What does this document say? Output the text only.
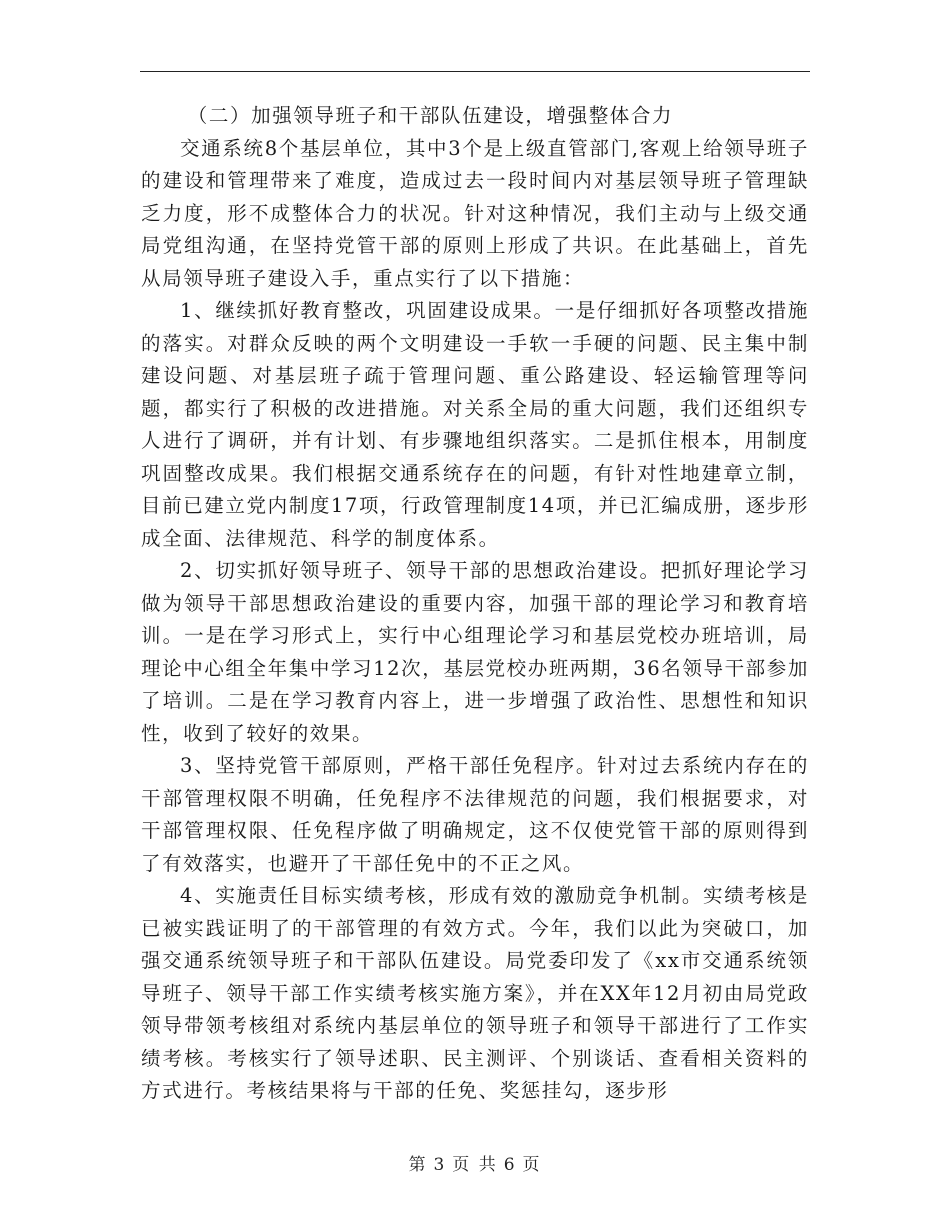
（二）加强领导班子和干部队伍建设，增强整体合力

交通系统8个基层单位，其中3个是上级直管部门,客观上给领导班子的建设和管理带来了难度，造成过去一段时间内对基层领导班子管理缺乏力度，形不成整体合力的状况。针对这种情况，我们主动与上级交通局党组沟通，在坚持党管干部的原则上形成了共识。在此基础上，首先从局领导班子建设入手，重点实行了以下措施：

1、继续抓好教育整改，巩固建设成果。一是仔细抓好各项整改措施的落实。对群众反映的两个文明建设一手软一手硬的问题、民主集中制建设问题、对基层班子疏于管理问题、重公路建设、轻运输管理等问题，都实行了积极的改进措施。对关系全局的重大问题，我们还组织专人进行了调研，并有计划、有步骤地组织落实。二是抓住根本，用制度巩固整改成果。我们根据交通系统存在的问题，有针对性地建章立制，目前已建立党内制度17项，行政管理制度14项，并已汇编成册，逐步形成全面、法律规范、科学的制度体系。

2、切实抓好领导班子、领导干部的思想政治建设。把抓好理论学习做为领导干部思想政治建设的重要内容，加强干部的理论学习和教育培训。一是在学习形式上，实行中心组理论学习和基层党校办班培训，局理论中心组全年集中学习12次，基层党校办班两期，36名领导干部参加了培训。二是在学习教育内容上，进一步增强了政治性、思想性和知识性，收到了较好的效果。

3、坚持党管干部原则，严格干部任免程序。针对过去系统内存在的干部管理权限不明确，任免程序不法律规范的问题，我们根据要求，对干部管理权限、任免程序做了明确规定，这不仅使党管干部的原则得到了有效落实，也避开了干部任免中的不正之风。

4、实施责任目标实绩考核，形成有效的激励竞争机制。实绩考核是已被实践证明了的干部管理的有效方式。今年，我们以此为突破口，加强交通系统领导班子和干部队伍建设。局党委印发了《xx市交通系统领导班子、领导干部工作实绩考核实施方案》，并在XX年12月初由局党政领导带领考核组对系统内基层单位的领导班子和领导干部进行了工作实绩考核。考核实行了领导述职、民主测评、个别谈话、查看相关资料的方式进行。考核结果将与干部的任免、奖惩挂勾，逐步形

第 3 页 共 6 页
